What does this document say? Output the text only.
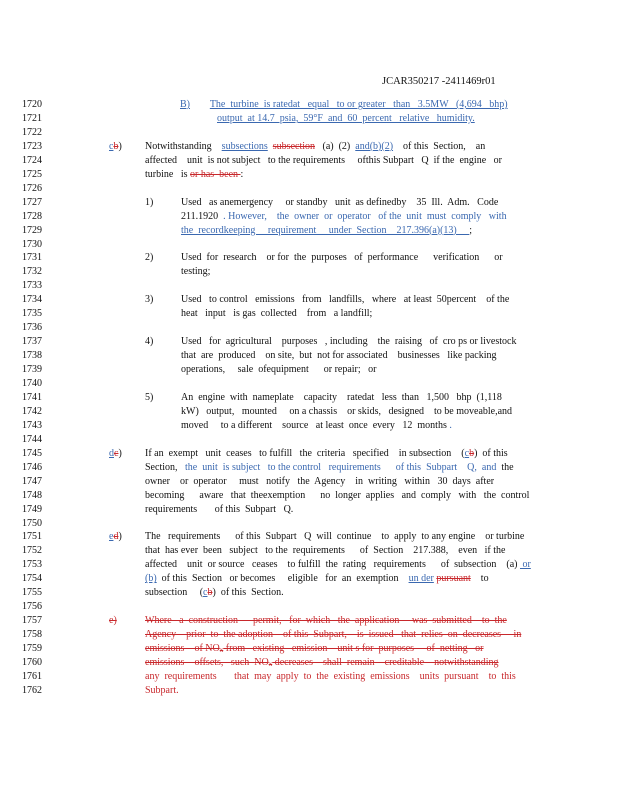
JCAR350217 -2411469r01
1720	B) The  turbine  is ratedat   equal   to or greater   than   3.5MW   (4,694   bhp)
1721	output  at 14.7  psia,  59°F  and  60  percent   relative   humidity.
1722
1723	cb) Notwithstanding    subsections subsection   (a)  (2)  and(b)(2)    of this  Section,    an
1724	affected    unit  is not subject   to the requirements     ofthis Subpart   Q  if the  engine   or
1725	turbine   is or has  been :
1726
1727	1)	Used   as anemergency     or standby   unit  as definedby    35  Ill.  Adm.   Code
1728	211.1920  . However,    the  owner  or  operator   of the  unit  must  comply   with
1729	the  recordkeeping     requirement     under  Section    217.396(a)(13)     ;
1730
1731	2)	Used  for  research    or for  the  purposes   of  performance      verification      or
1732	testing;
1733
1734	3)	Used   to control   emissions   from   landfills,   where   at least  50percent    of the
1735	heat   input   is gas  collected    from   a landfill;
1736
1737	4)	Used   for  agricultural    purposes   , including    the  raising   of  cro ps or livestock
1738	that  are  produced    on site,  but  not for associated    businesses   like packing
1739	operations,     sale  ofequipment      or repair;   or
1740
1741	5)	An  engine  with  nameplate    capacity    ratedat   less  than   1,500   bhp  (1,118
1742	kW)   output,   mounted     on a chassis    or skids,   designed    to be moveable,and
1743	moved     to a different    source   at least  once  every   12  months .
1744
1745	dc) If an  exempt   unit  ceases   to fulfill   the  criteria   specified    in subsection    (cb)  of this
1746	Section,   the  unit  is subject   to the control   requirements      of this  Subpart    Q,  and  the
1747	owner    or  operator     must   notify   the  Agency    in  writing   within   30  days  after
1748	becoming      aware   that  theexemption      no  longer  applies   and  comply   with   the  control
1749	requirements       of this  Subpart   Q.
1750
1751	ed) The   requirements      of this  Subpart   Q  will  continue    to  apply  to any engine    or turbine
1752	that  has ever  been   subject   to the  requirements      of  Section    217.388,    even   if the
1753	affected    unit  or source   ceases    to fulfill  the  rating   requirements      of  subsection    (a)  or
1754	(b)  of this  Section   or becomes     eligible   for  an  exemption    un der pursuant    to
1755	subsection     (cb)  of this  Section.
1756
1757	e)	Where   a  construction      permit,   for  which   the  application     was  submitted    to  the
1758	Agency    prior  to  the adoption    of this  Subpart,    is  issued   that  relies  on  decreases     in
1759	emissions    of NOx from   existing   emission    unit s for  purposes     of  netting   or
1760	emissions    offsets,   such  NOx decreases    shall  remain    creditable    notwithstanding
1761	any  requirements       that  may  apply  to  the  existing  emissions    units  pursuant    to  this
1762	Subpart.
